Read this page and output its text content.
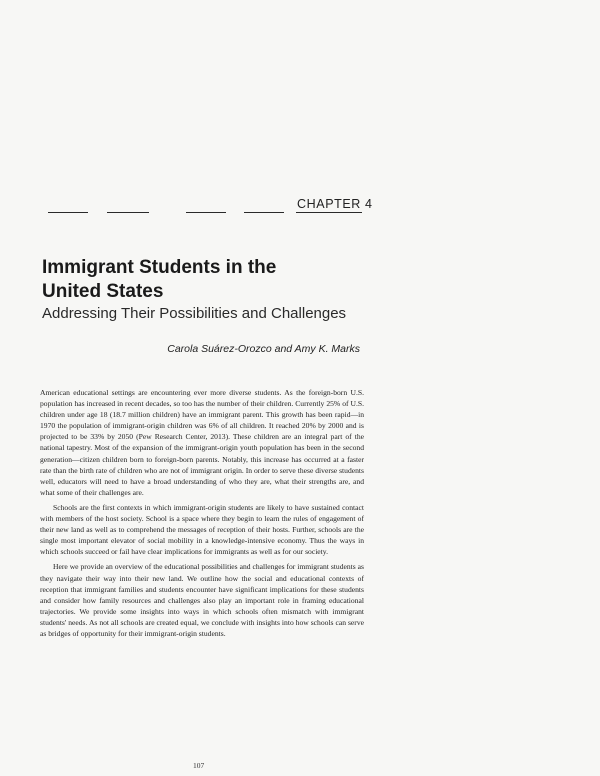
CHAPTER 4
Immigrant Students in the
United States
Addressing Their Possibilities and Challenges
Carola Suárez-Orozco and Amy K. Marks

American educational settings are encountering ever more diverse students. As the foreign-born U.S. population has increased in recent decades, so too has the number of their children. Currently 25% of U.S. children under age 18 (18.7 million children) have an immigrant parent. This growth has been rapid—in 1970 the population of immigrant-origin children was 6% of all children. It reached 20% by 2000 and is projected to be 33% by 2050 (Pew Research Center, 2013). These children are an integral part of the national tapestry. Most of the expansion of the immigrant-origin youth population has been in the second generation—citizen children born to foreign-born parents. Notably, this increase has occurred at a faster rate than the birth rate of children who are not of immigrant origin. In order to serve these diverse students well, educators will need to have a broad understanding of who they are, what their strengths are, and what some of their challenges are.

Schools are the first contexts in which immigrant-origin students are likely to have sustained contact with members of the host society. School is a space where they begin to learn the rules of engagement of their new land as well as to comprehend the messages of reception of their hosts. Further, schools are the single most important elevator of social mobility in a knowledge-intensive economy. Thus the ways in which schools succeed or fail have clear implications for immigrants as well as for our society.

Here we provide an overview of the educational possibilities and challenges for immigrant students as they navigate their way into their new land. We outline how the social and educational contexts of reception that immigrant families and students encounter have significant implications for these students and consider how family resources and challenges also play an important role in framing educational trajectories. We provide some insights into ways in which schools often mismatch with immigrant students' needs. As not all schools are created equal, we conclude with insights into how schools can serve as bridges of opportunity for their immigrant-origin students.

107
